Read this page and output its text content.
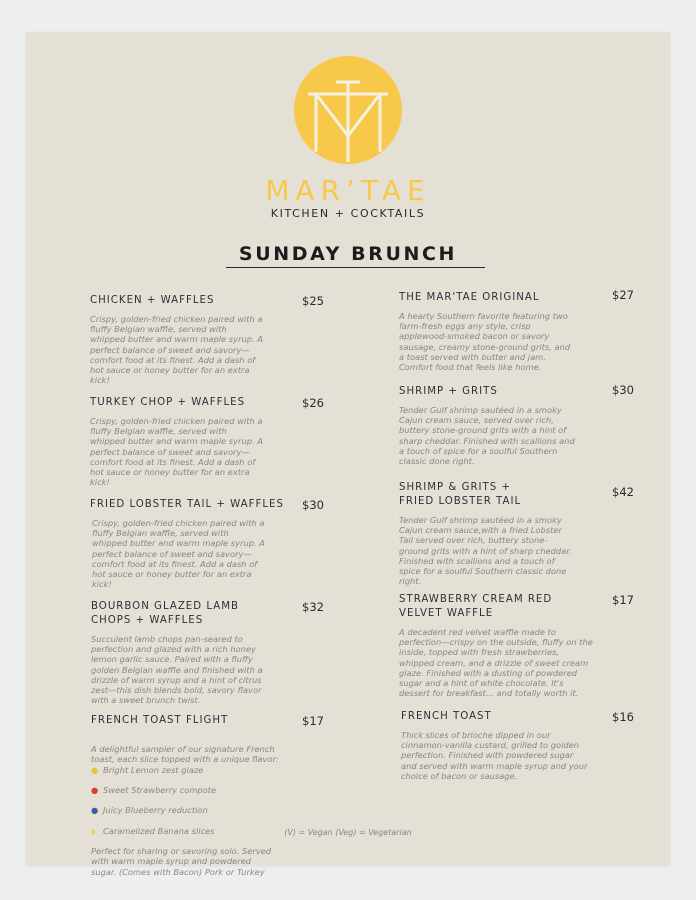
MAR’TAE
KITCHEN + COCKTAILS
SUNDAY BRUNCH
CHICKEN + WAFFLES	$25
Crispy, golden-fried chicken paired with a
fluffy Belgian waffle, served with
whipped butter and warm maple syrup. A
perfect balance of sweet and savory—
comfort food at its finest. Add a dash of
hot sauce or honey butter for an extra
kick!
TURKEY CHOP + WAFFLES	$26
Crispy, golden-fried chicken paired with a
fluffy Belgian waffle, served with
whipped butter and warm maple syrup. A
perfect balance of sweet and savory—
comfort food at its finest. Add a dash of
hot sauce or honey butter for an extra
kick!
FRIED LOBSTER TAIL + WAFFLES	$30
Crispy, golden-fried chicken paired with a
fluffy Belgian waffle, served with
whipped butter and warm maple syrup. A
perfect balance of sweet and savory—
comfort food at its finest. Add a dash of
hot sauce or honey butter for an extra
kick!
BOURBON GLAZED LAMB
CHOPS + WAFFLES
$32
Succulent lamb chops pan-seared to
perfection and glazed with a rich honey
lemon garlic sauce. Paired with a fluffy
golden Belgian waffle and finished with a
drizzle of warm syrup and a hint of citrus
zest—this dish blends bold, savory flavor
with a sweet brunch twist.
FRENCH TOAST FLIGHT	$17

A delightful sampler of our signature French
toast, each slice topped with a unique flavor:

● Bright Lemon zest glaze

● Sweet Strawberry compote

● Juicy Blueberry reduction

◗ Caramelized Banana slices

Perfect for sharing or savoring solo. Served
with warm maple syrup and powdered
sugar. (Comes with Bacon) Pork or Turkey

THE MAR'TAE ORIGINAL	$27
A hearty Southern favorite featuring two
farm-fresh eggs any style, crisp
applewood-smoked bacon or savory
sausage, creamy stone-ground grits, and
a toast served with butter and jam.
Comfort food that feels like home.
SHRIMP + GRITS	$30
Tender Gulf shrimp sautéed in a smoky
Cajun cream sauce, served over rich,
buttery stone-ground grits with a hint of
sharp cheddar. Finished with scallions and
a touch of spice for a soulful Southern
classic done right.
SHRIMP & GRITS +
FRIED LOBSTER TAIL
$42
Tender Gulf shrimp sautéed in a smoky
Cajun cream sauce,with a fried Lobster
Tail served over rich, buttery stone-
ground grits with a hint of sharp cheddar.
Finished with scallions and a touch of
spice for a soulful Southern classic done
right.
STRAWBERRY CREAM RED
VELVET WAFFLE
$17
A decadent red velvet waffle made to
perfection—crispy on the outside, fluffy on the
inside, topped with fresh strawberries,
whipped cream, and a drizzle of sweet cream
glaze. Finished with a dusting of powdered
sugar and a hint of white chocolate. It's
dessert for breakfast… and totally worth it.
FRENCH TOAST	$16
Thick slices of brioche dipped in our
cinnamon-vanilla custard, grilled to golden
perfection. Finished with powdered sugar
and served with warm maple syrup and your
choice of bacon or sausage.
(V) = Vegan (Veg) = Vegetarian
